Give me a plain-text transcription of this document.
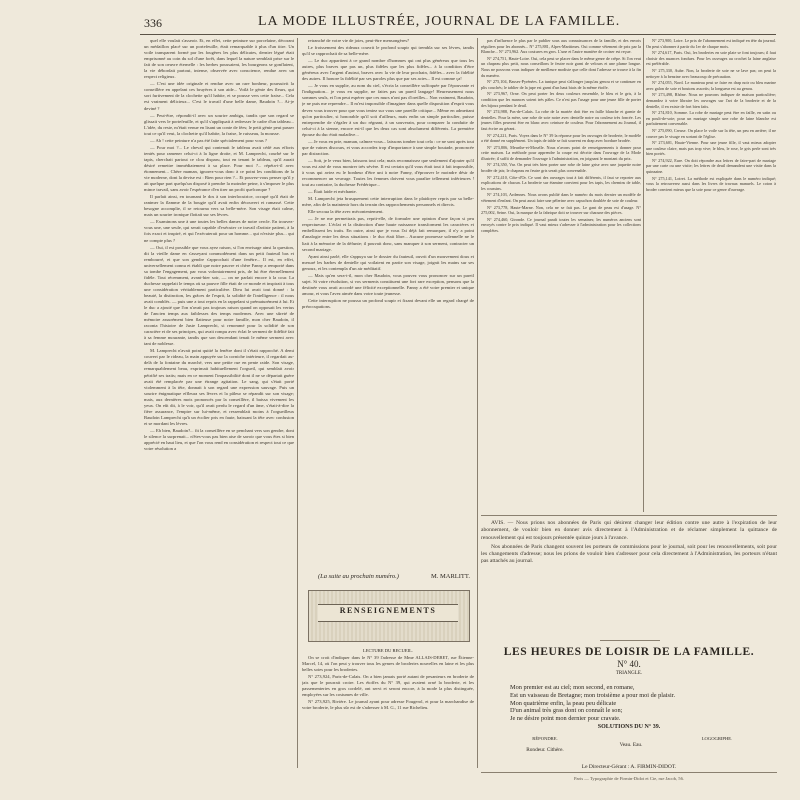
336	LA MODE ILLUSTRÉE, JOURNAL DE LA FAMILLE.

quel elle voulait s'asseoir. Et, en effet, cette peinture sur porcelaine, décorant un médaillon placé sur un portefeuille, était remarquable à plus d'un titre. Un voile transparent formé par les fougères les plus délicates, dernier légué était emprisonné au coin du sol d'une forêt, dans lequel la nature semblait prise sur le fait de son oeuvre éternelle : les herbes poussaient, les bourgeons se gonflaient, la vie débordait partout, intense, observée avec conscience, rendue avec un respect religieux.

— C'est une idée originale et rendue avec un rare bonheur, poursuivit la conseillère en appelant ces bruyères à son aide... Voilà le génie des fleurs, qui sort furtivement de la clochette qu'il habite, et se pousse vers cette fraise... Cela est vraiment délicieux... C'est le travail d'une belle dame, Baudoin ?... Ai-je deviné ?

— Peut-être, répondit-il avec un sourire ambigu, tandis que son regard se glissait vers le portefeuille, et qu'il s'appliquait à redresser le cadre d'un tableau... L'idée, du reste, m'était venue en lisant un conte de fées; le petit génie peut passer tout ce qu'il veut, la clochette qu'il habite, la fraise, le ruisseau, la mousse.

— Ah ! cette peinture n'a pas été faite spécialement pour vous ?

— Pour moi ?... Le cheval qui contenait le tableau avait cédé aux efforts tentés pour ramener celui-ci à la ligne droite, et M. Lamprecht, courbé sur le tapis, cherchait partout ce clou disparu, tout en tenant le tableau, qu'il aurait désiré remettre immédiatement à sa place. Pour moi ?... répéta-t-il avec étonnement... Chère maman, ignorez-vous donc à ce point les conditions de la vie moderne, dont la devise est : Bien pour rien ?... Et pouvez-vous penser qu'il y ait quelque part quelqu'un disposé à prendre la moindre peine, à s'imposer le plus mince travail, sans avoir l'espérance d'en tirer un profit quelconque ?

Il parlait ainsi, en tournant le dos à son interlocutrice, occupé qu'il était de ranimer la flamme de la bougie qu'il avait enfin découvert et ramassé. Cette besogne accomplie, il se retourna vers sa belle-mère. Son visage était calme, mais un sourire ironique flottait sur ses lèvres.

— Examinons une à une toutes les belles dames de notre cercle. En trouvez-vous une, une seule, qui serait capable d'exécuter ce travail d'artiste patient, à la fois exact et inspiré, et qui l'exécuterait pour un homme... qui n'existe plus... qui ne compte plus ?

— Oui, il est possible que vous ayez raison, si l'on envisage ainsi la question, dit la vieille dame en s'asseyant commodément dans un petit fauteuil bas et rembourré, et que son gendre s'approchait d'une fenêtre... Il est, en effet, universellement connu et établi que notre pauvre et chère Fanny a remporté dans sa tombe l'engagement, par vous volontairement pris, de lui être éternellement fidèle. Tout récemment, avant-hier soir, — on ne parlait encore à la cour. La duchesse rappelait le temps où sa pauvre fille était de ce monde et inspirait à tous une considération véritablement particulière. Dieu lui avait tout donné : la beauté, la distinction, les grâces de l'esprit, la solidité de l'intelligence : il nous avait comblés. — puis une a tout repris en la rappelant si prématurément à lui. Et le duc a ajouté que l'on n'avait pas toujours raison quand on opposait les vertus de l'ancien temps aux faiblesses des temps modernes. Avec une sûreté de mémoire assurément bien flatteuse pour notre famille, mon cher Baudoin, il raconta l'histoire de Juste Lamprecht, si renommé pour la solidité de son caractère et de ses principes, qui avait rompu avec éclat le serment de fidélité fait à sa femme mourante, tandis que son descendant tenait le même serment avec tant de noblesse.

M. Lamprecht n'avait point quitté la fenêtre dont il s'était rapproché. A demi couvert par le rideau, la main appuyée sur la corniche intérieure, il regardait au-delà de la fontaine du marché, vers une petite rue en pente raide. Son visage, remarquablement beau, exprimait habituellement l'orgueil, qui semblait avoir pétrifié ses traits; mais en ce moment l'impassibilité dont il ne se départait guère avait été remplacée par une étrange agitation. Le sang, qui s'était porté violemment à la tête, donnait à son regard une expression sauvage. Puis un sourire énigmatique effleura ses lèvres et la pâleur se répandit sur son visage; mais, aux dernières mots prononcés par la conseillère, il baissa vivement les yeux. On eût dit, à le voir, qu'il avait perdu le regard d'un âme, s'était-à-dire la fière assurance, l'empire sur lui-même, et ressemblait moins à l'orgueilleux Baudoin Lamprecht qu'à un écolier pris en faute, baissant la tête avec confusion et se mordant les lèvres.

— Eh bien, Baudoin?... fit la conseillère en se penchant vers son gendre, dont le silence la surprenait... n'êtes-vous pas bien aise de savoir que vous êtes si bien apprécié en haut lieu, et que l'on vous rend en considération et respect tout ce que votre résolution a

retranché de votre vie de joies, peut-être mensongères?

Le froissement des rideaux couvrit le profond soupir qui trembla sur ses lèvres, tandis qu'il se rapprochait de sa belle-mère.

— Le duc appartient à ce grand nombre d'hommes qui ont plus généreux que tous les autres, plus braves que pas un, plus fidèles que les plus fidèles... à la condition d'être généreux avec l'argent d'autrui, braves avec la vie de leur prochain, fidèles... avec la fidélité des autres. Il honore la fidélité par ses paroles plus que par ses actes... Il est comme ça!

— Je vous en supplie, au nom du ciel, s'écria la conseillère suffoquée par l'épouvante et l'indignation... je vous en supplie, ne faites pas un pareil langage! Heureusement nous sommes seuls, et l'on peut espérer que ces murs n'ont pas d'oreilles... Non vraiment, Baudoin, je ne puis me reprendre... Il m'est impossible d'imaginer dans quelle disposition d'esprit vous devez vous trouver pour que vous teniez sur vous une pareille critique... Même en admettant qu'on particulier, si honorable qu'il soit d'ailleurs, mais enfin un simple particulier, puisse entreprendre de s'égaler à un duc régnant, à un souverain, pour comparer la conduite de celui-ci à la sienne, encore est-il que les deux cas sont absolument différents. La première épouse du duc était maladive...

— Je vous en prie, maman, calmez-vous... laissons tomber tout cela : ce ne sont après tout que de vaines discours, et vous accordez trop d'importance à une simple boutade, prononcée par distraction.

— Soit, je le veux bien, laissons tout cela; mais reconnaissez que seulement d'ajouter qu'il vous est aisé de vous montrer très sévère. Il est certain qu'il vous était tout à fait impossible, à vous qui aviez eu le bonheur d'être uni à notre Fanny, d'éprouver le moindre désir de recommencer un veuvage. Toutes les femmes doivent vous paraître tellement inférieures ! tout au contraire, la duchesse Frédérique...

— Était laide et méchante.

M. Lamprecht jeta brusquement cette interruption dans le plaidoyer repris par sa belle-mère, afin de la maintenir hors du terrain des rapprochements personnels et directs.

Elle secoua la tête avec mécontentement.

— Je ne me permettrais pas, reprit-elle, de formuler une opinion d'une façon si peu respectueuse. L'éclat et la distinction d'une haute naissance transforment les caractères et embellissent les traits. En outre, ainsi que je vous l'ai déjà fait remarquer, il n'y a point d'analogie entre les deux situations : le duc était libre... Aucune promesse solennelle ne le liait à la mémoire de la défunte; il pouvait donc, sans manquer à son serment, contracter un second mariage.

Ayant ainsi parlé, elle s'appuya sur le dossier du fauteuil, ouvrit d'un mouvement doux et mesuré les barbes de dentelle qui voilaient en partie son visage, joignit les mains sur ses genoux, et les contempla d'un air méditatif.

— Mais qu'en sera-t-il, mon cher Baudoin, vous pouvez vous prononcer sur un pareil sujet. Si votre résolution, si vos serments constituent une fort rare exception, pensons que la destinée vous avait accordé une félicité exceptionnelle. Fanny a été votre premier et unique amour, et vous l'avez aimée dans votre toute jeunesse.

Cette interruption ne poussa un profond soupir et fixant devant elle un regard chargé de préoccupations.

(La suite au prochain numéro.)	M. MARLITT.
RENSEIGNEMENTS
LECTURE DU RECUEIL.

On se croit d'indiquer dans le N° 39 l'adresse de Mme ALLAIS-DEBET, rue Étienne-Marcel, 14, où l'on peut y trouver tous les genres de broderies nouvelles en laine et les plus belles soies pour les broderies.

N° 273,924, Paris-de-Calais. On a bien jamais porté autant de pesanteurs en broderie de jais que le pourrait croire. Les étoffes du N° 39, qui avaient orné la broderie, et les passementeries en gros cordelé, ont servi et seront encore, à la mode la plus distinguée, employées sur les costumes de ville.

N° 273,925, Rivière. Le journal ayant pour adresse Fougerol, et pour la marchandise de votre broderie, le plus sûr est de s'adresser à M. G., 11 rue Richelieu.

pas d'influence le plus par le publier sous aux connaissances de la famille, et des envois réguliers pour les abonnés... N° 275,881, Alpes-Maritimes. Oui comme vêtement de prix par la Blanche... N° 273,962. Aux coutures en gros. L'une et l'autre manière de croiser est reçue.

N° 274,751, Haute-Loire. Oui, cela peut se placer dans le même genre de crêpe. Si l'on veut un chapeau plus petit, nous conseillons le feutre noir garni de velours et une plume longue. Nous ne pouvons vous indiquer de meilleure modiste que celle dont l'adresse se trouve à la fin du numéro.

N° 275,104, Basses-Pyrénées. La tunique peut s'allonger jusqu'au genou et se continuer en plis couchés; le tablier de la jupe est garni d'un haut biais de la même étoffe.

N° 273,967, Orne. On peut porter les deux couleurs ensemble, le bleu et le gris, à la condition que les nuances soient très pâles. Ce n'est pas l'usage pour une jeune fille de porter des bijoux pendant le deuil.

N° 274,988, Pas-de-Calais. La robe de la mariée doit être en faille blanche et garnie de dentelles. Pour la mère, une robe de soie noire avec dentelle noire ou couleur très foncée. Les jeunes filles peuvent être en blanc avec ceinture de couleur. Pour l'abonnement au Journal, il faut écrire au gérant.

N° 274,221, Paris. Voyez dans le N° 39 la réponse pour les ouvrages de broderie, le modèle a été donné en supplément. Un tapis de table se fait souvent en drap avec bordure brodée.

N° 273,806, Meurthe-et-Moselle. Nous n'avons point de renseignements à donner pour cette maison. La méthode pour apprendre la coupe est décrite dans l'ouvrage de la Mode illustrée; il suffit de demander l'ouvrage à l'administration, en joignant le montant du prix.

N° 274,350, Var. On peut très bien porter une robe de laine grise avec une jaquette noire brodée de jais; le chapeau en feutre gris serait plus convenable.

N° 272,410, Côte-d'Or. Ce sont des ouvrages tout à fait différents, il faut se reporter aux explications de chacun. La broderie sur étamine convient pour les tapis, les chemins de table, les coussins.

N° 274,103, Ardennes. Nous avons publié dans le numéro du mois dernier un modèle de vêtement d'enfant. On peut aussi faire une pèlerine avec capuchon doublée de soie de couleur.

N° 273,778, Haute-Marne. Non, cela ne se fait pas. Le gant de peau est d'usage. N° 275,002, Seine. Oui, la marque de la fabrique doit se trouver sur chacune des pièces.

N° 274,460, Gironde. Ce journal paraît toutes les semaines; les numéros anciens sont envoyés contre le prix indiqué. Il vaut mieux s'adresser à l'administration pour les collections complètes.

N° 273,900, Loire. Le prix de l'abonnement est indiqué en tête du journal. On peut s'abonner à partir du 1er de chaque mois.

N° 274,617, Paris. Oui, les broderies en soie plate se font toujours; il faut choisir des nuances fondues. Pour les ouvrages au crochet la laine anglaise est préférable.

N° 275,330, Aube. Non, la broderie de soie ne se lave pas; on peut la nettoyer à la benzine avec beaucoup de précaution.

N° 274,055, Nord. Le manteau peut se faire en drap noir ou bleu marine avec galon de soie et boutons assortis; la longueur est au genou.

N° 273,498, Rhône. Nous ne pouvons indiquer de maison particulière; demandez à votre libraire les ouvrages sur l'art de la broderie et de la dentelle, il en existe de fort bien faits.

N° 274,810, Somme. La robe de mariage peut être en faille, en satin ou en poult-de-soie; pour un mariage simple une robe de laine blanche est parfaitement convenable.

N° 275,090, Creuse. On place le voile sur la tête, un peu en arrière; il ne couvre pas le visage en sortant de l'église.

N° 273,601, Haute-Vienne. Pour une jeune fille, il vaut mieux adopter une couleur claire, mais pas trop vive; le bleu, le rose, le gris perle sont très bien portés.

N° 274,922, Eure. On doit répondre aux lettres de faire-part de mariage par une carte ou une visite; les lettres de deuil demandent une visite dans la quinzaine.

N° 275,141, Loiret. La méthode est expliquée dans le numéro indiqué; vous la retrouverez aussi dans les livres de travaux manuels. Le coton à broder convient mieux que la soie pour ce genre d'ouvrage.

AVIS. — Nous prions nos abonnées de Paris qui désirent changer leur édition contre une autre à l'expiration de leur abonnement, de vouloir bien en donner avis directement à l'Administration et de réclamer simplement la quittance de renouvellement qui est toujours présentée quinze jours à l'avance.

Nos abonnées de Paris changent souvent les porteurs de commissions pour le journal, soit pour les renouvellements, soit pour les changements d'adresse; nous les prions de vouloir bien s'adresser pour cela directement à l'Administration, les porteurs n'étant pas attachés au journal.

LES HEURES DE LOISIR DE LA FAMILLE.
N° 40.
TRIANGLE.
Mon premier est au ciel; mon second, en romane,
Est un vaisseau de Bretagne; mon troisième a pour moi de plaisir.
Mon quatrième enfin, la peau peu délicate
D'un animal très gras dont on connaît le son;
Je ne désire point mon dernier pour cravate.
SOLUTIONS DU N° 39.
RÉPONDRE.
Rondeur. Cithère.
Veau. Eau.
LOGOGRIPHE.
Le Directeur-Gérant : A. FIRMIN-DIDOT.
Paris — Typographie de Firmin-Didot et Cie, rue Jacob, 56.
